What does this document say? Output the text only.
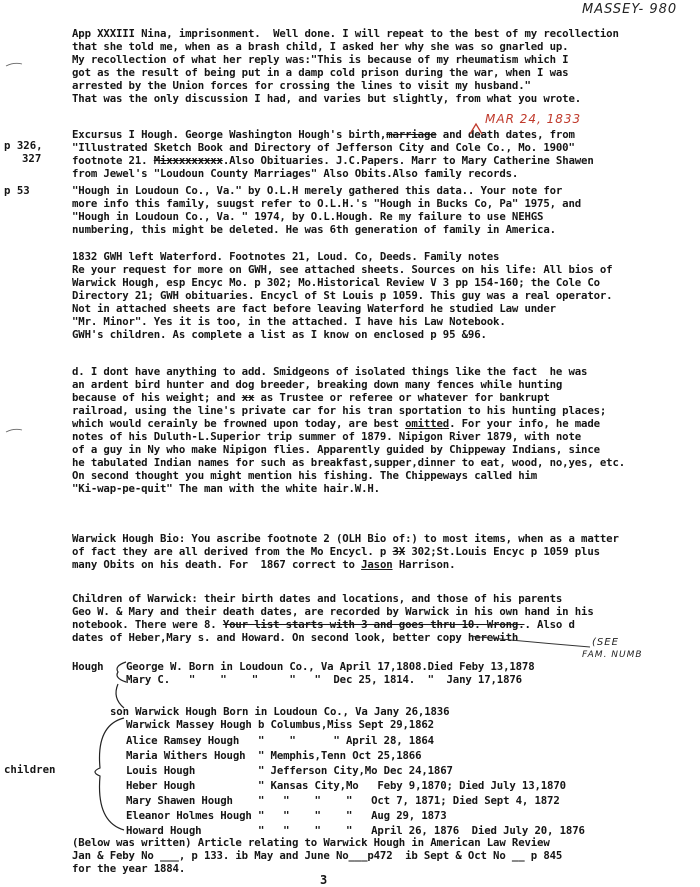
MASSEY- 980
p 326,
327
p 53
children
App XXXIII Nina, imprisonment.  Well done. I will repeat to the best of my recollection
that she told me, when as a brash child, I asked her why she was so gnarled up.
My recollection of what her reply was:"This is because of my rheumatism which I
got as the result of being put in a damp cold prison during the war, when I was
arrested by the Union forces for crossing the lines to visit my husband."
That was the only discussion I had, and varies but slightly, from what you wrote.
MAR 24, 1833
Excursus I Hough. George Washington Hough's birth,marriage and death dates, from
"Illustrated Sketch Book and Directory of Jefferson City and Cole Co., Mo. 1900"
footnote 21. Mixxxxxxxxx.Also Obituaries. J.C.Papers. Marr to Mary Catherine Shawen
from Jewel's "Loudoun County Marriages" Also Obits.Also family records.
"Hough in Loudoun Co., Va." by O.L.H merely gathered this data.. Your note for
more info this family, suugst refer to O.L.H.'s "Hough in Bucks Co, Pa" 1975, and
"Hough in Loudoun Co., Va. " 1974, by O.L.Hough. Re my failure to use NEHGS
numbering, this might be deleted. He was 6th generation of family in America.
1832 GWH left Waterford. Footnotes 21, Loud. Co, Deeds. Family notes
Re your request for more on GWH, see attached sheets. Sources on his life: All bios of
Warwick Hough, esp Encyc Mo. p 302; Mo.Historical Review V 3 pp 154-160; the Cole Co
Directory 21; GWH obituaries. Encycl of St Louis p 1059. This guy was a real operator.
Not in attached sheets are fact before leaving Waterford he studied Law under
"Mr. Minor". Yes it is too, in the attached. I have his Law Notebook.
GWH's children. As complete a list as I know on enclosed p 95 &96.
d. I dont have anything to add. Smidgeons of isolated things like the fact  he was
an ardent bird hunter and dog breeder, breaking down many fences while hunting
because of his weight; and xx as Trustee or referee or whatever for bankrupt
railroad, using the line's private car for his tran sportation to his hunting places;
which would cerainly be frowned upon today, are best omitted. For your info, he made
notes of his Duluth-L.Superior trip summer of 1879. Nipigon River 1879, with note
of a guy in Ny who make Nipigon flies. Apparently guided by Chippeway Indians, since
he tabulated Indian names for such as breakfast,supper,dinner to eat, wood, no,yes, etc.
On second thought you might mention his fishing. The Chippeways called him
"Ki-wap-pe-quit" The man with the white hair.W.H.
Warwick Hough Bio: You ascribe footnote 2 (OLH Bio of:) to most items, when as a matter
of fact they are all derived from the Mo Encycl. p 3X 302;St.Louis Encyc p 1059 plus
many Obits on his death. For  1867 correct to Jason Harrison.
Children of Warwick: their birth dates and locations, and those of his parents
Geo W. & Mary and their death dates, are recorded by Warwick in his own hand in his
notebook. There were 8. Your list starts with 3 and goes thru 10. Wrong.. Also d
dates of Heber,Mary s. and Howard. On second look, better copy herewith	(SEE
FAM. NUMB
Hough George W. Born in Loudoun Co., Va April 17,1808.Died Feby 13,1878
Mary C.   "    "    "     "   "  Dec 25, 1814.  "  Jany 17,1876
son Warwick Hough Born in Loudoun Co., Va Jany 26,1836
Warwick Massey Hough b Columbus,Miss Sept 29,1862
Alice Ramsey Hough   "    "      " April 28, 1864
Maria Withers Hough  " Memphis,Tenn Oct 25,1866
Louis Hough          " Jefferson City,Mo Dec 24,1867
Heber Hough          " Kansas City,Mo   Feby 9,1870; Died July 13,1870
Mary Shawen Hough    "   "    "    "   Oct 7, 1871; Died Sept 4, 1872
Eleanor Holmes Hough "   "    "    "   Aug 29, 1873
Howard Hough         "   "    "    "   April 26, 1876  Died July 20, 1876
(Below was written) Article relating to Warwick Hough in American Law Review
Jan & Feby No ___, p 133. ib May and June No___p472  ib Sept & Oct No __ p 845
for the year 1884.
3
